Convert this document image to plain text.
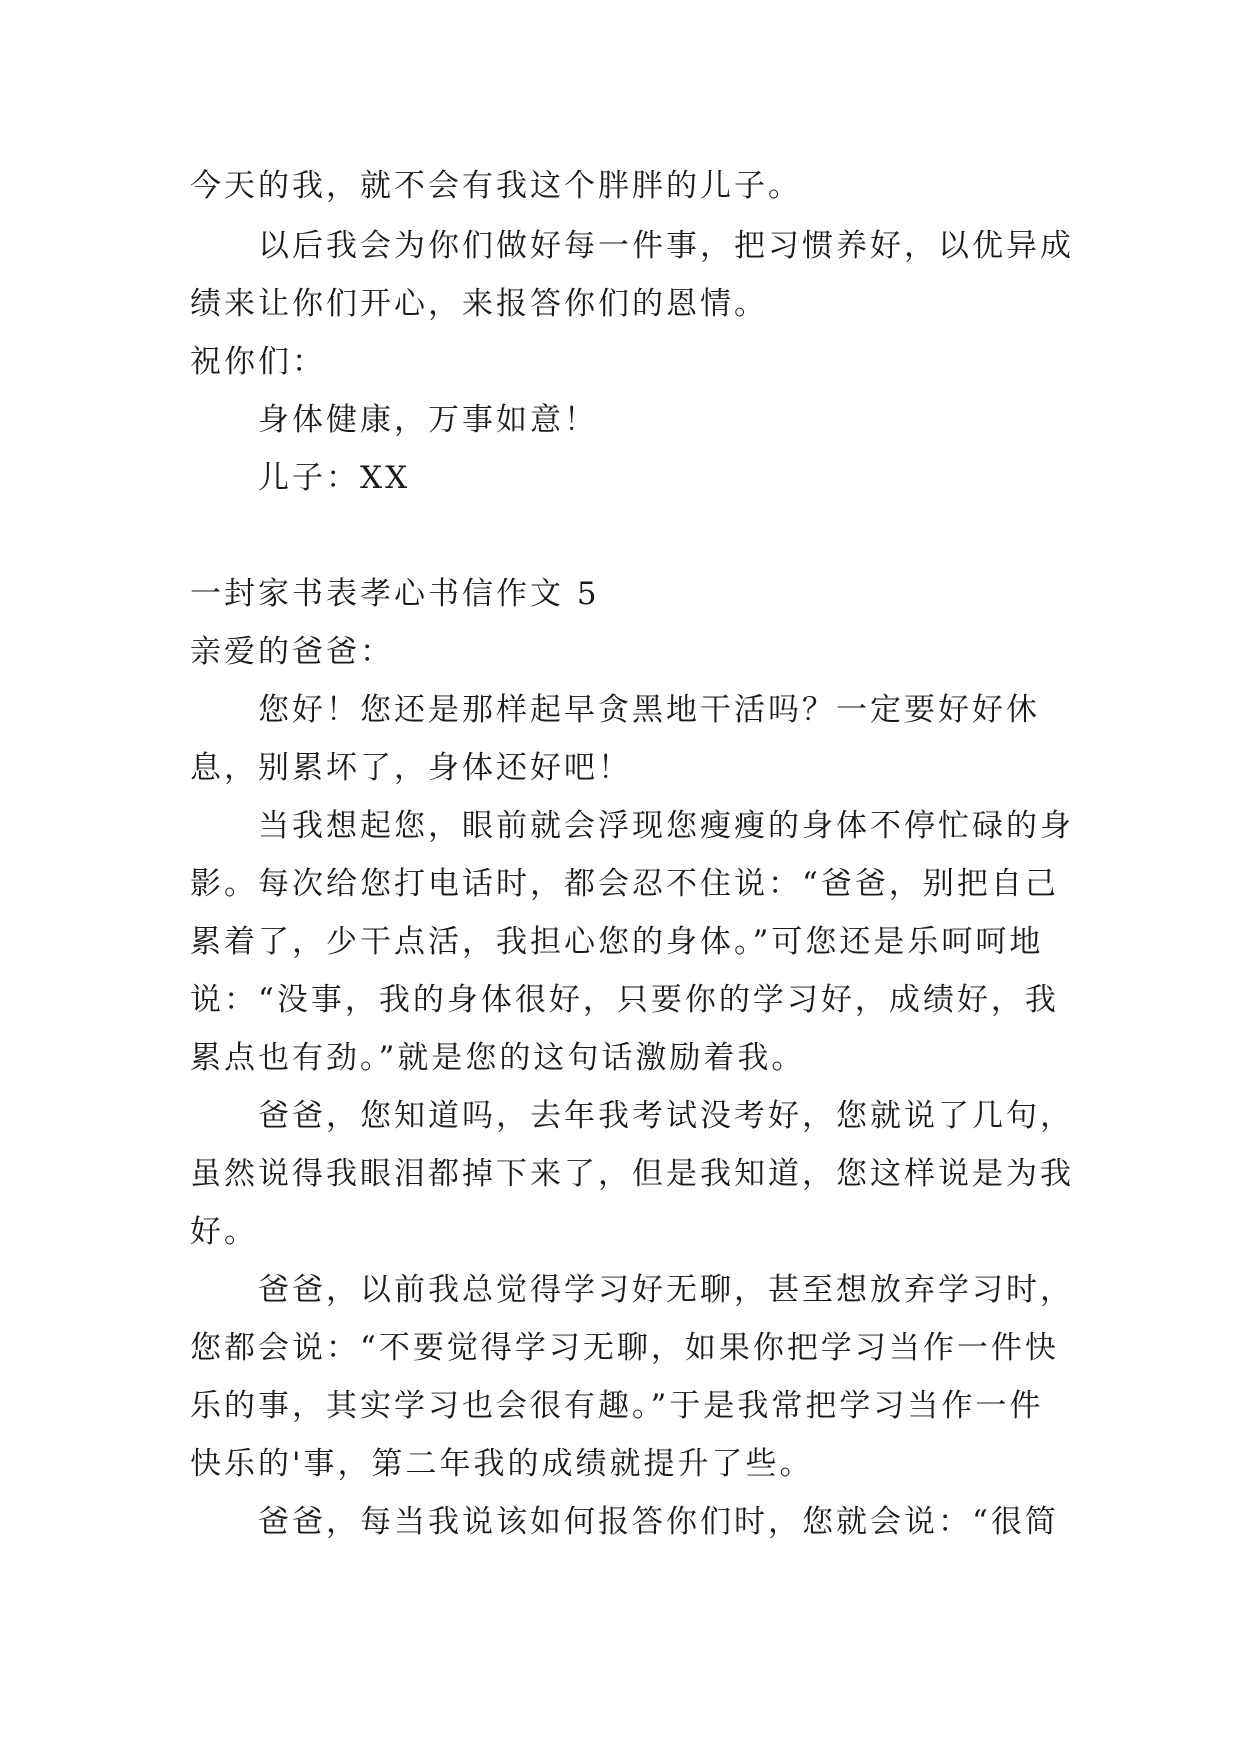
今天的我，就不会有我这个胖胖的儿子。
以后我会为你们做好每一件事，把习惯养好，以优异成
绩来让你们开心，来报答你们的恩情。
祝你们：
身体健康，万事如意！
儿子：XX
一封家书表孝心书信作文 5
亲爱的爸爸：
您好！您还是那样起早贪黑地干活吗？一定要好好休
息，别累坏了，身体还好吧！
当我想起您，眼前就会浮现您瘦瘦的身体不停忙碌的身
影。每次给您打电话时，都会忍不住说：“爸爸，别把自己
累着了，少干点活，我担心您的身体。”可您还是乐呵呵地
说：“没事，我的身体很好，只要你的学习好，成绩好，我
累点也有劲。”就是您的这句话激励着我。
爸爸，您知道吗，去年我考试没考好，您就说了几句，
虽然说得我眼泪都掉下来了，但是我知道，您这样说是为我
好。
爸爸，以前我总觉得学习好无聊，甚至想放弃学习时，
您都会说：“不要觉得学习无聊，如果你把学习当作一件快
乐的事，其实学习也会很有趣。”于是我常把学习当作一件
快乐的'事，第二年我的成绩就提升了些。
爸爸，每当我说该如何报答你们时，您就会说：“很简
